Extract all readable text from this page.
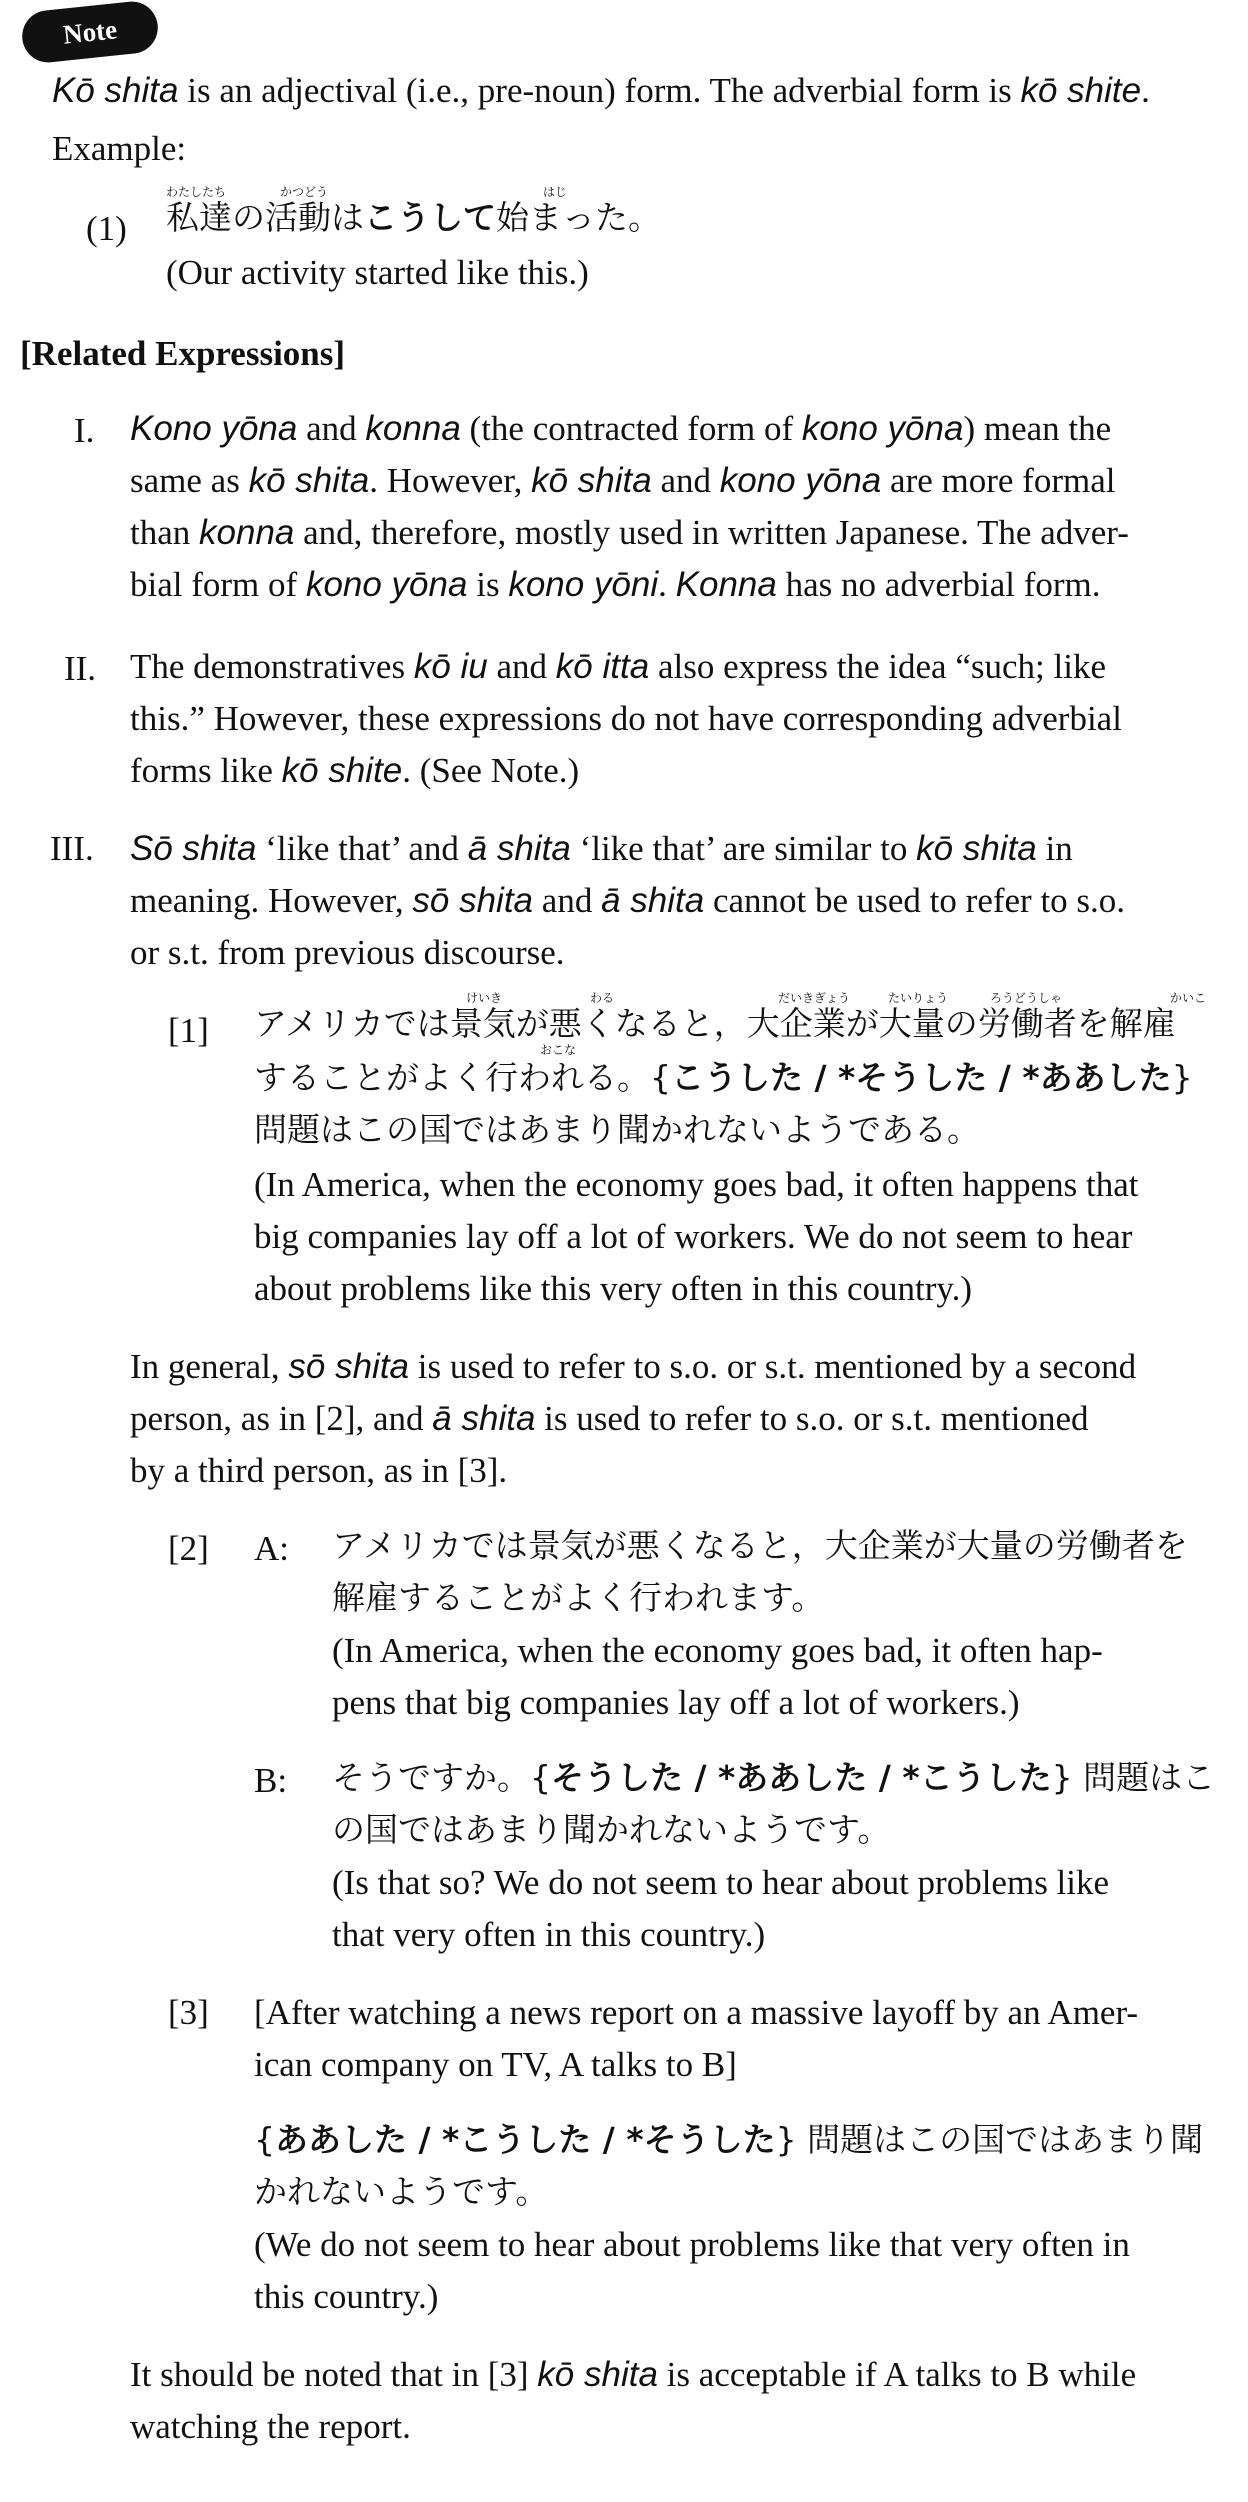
Note
Kō shita is an adjectival (i.e., pre-noun) form. The adverbial form is kō shite.
Example:
(1)
わたしたち	かつどう	はじ
私達の活動はこうして始まった。
(Our activity started like this.)
[Related Expressions]
I. Kono yōna and konna (the contracted form of kono yōna) mean the
same as kō shita. However, kō shita and kono yōna are more formal
than konna and, therefore, mostly used in written Japanese. The adver-
bial form of kono yōna is kono yōni. Konna has no adverbial form.
II. The demonstratives kō iu and kō itta also express the idea “such; like
this.” However, these expressions do not have corresponding adverbial
forms like kō shite. (See Note.)
III. Sō shita ‘like that’ and ā shita ‘like that’ are similar to kō shita in
meaning. However, sō shita and ā shita cannot be used to refer to s.o.
or s.t. from previous discourse.
[1]
けいき	わる	だいきぎょう	たいりょう	ろうどうしゃ	かいこ
アメリカでは景気が悪くなると，大企業が大量の労働者を解雇
おこな
することがよく行われる。{こうした / *そうした / *ああした}
問題はこの国ではあまり聞かれないようである。
(In America, when the economy goes bad, it often happens that
big companies lay off a lot of workers. We do not seem to hear
about problems like this very often in this country.)
In general, sō shita is used to refer to s.o. or s.t. mentioned by a second
person, as in [2], and ā shita is used to refer to s.o. or s.t. mentioned
by a third person, as in [3].
[2] A: アメリカでは景気が悪くなると，大企業が大量の労働者を
解雇することがよく行われます。
(In America, when the economy goes bad, it often hap-
pens that big companies lay off a lot of workers.)
B: そうですか。{そうした / *ああした / *こうした} 問題はこ
の国ではあまり聞かれないようです。
(Is that so? We do not seem to hear about problems like
that very often in this country.)
[3] [After watching a news report on a massive layoff by an Amer-
ican company on TV, A talks to B]
{ああした / *こうした / *そうした} 問題はこの国ではあまり聞
かれないようです。
(We do not seem to hear about problems like that very often in
this country.)
It should be noted that in [3] kō shita is acceptable if A talks to B while
watching the report.
